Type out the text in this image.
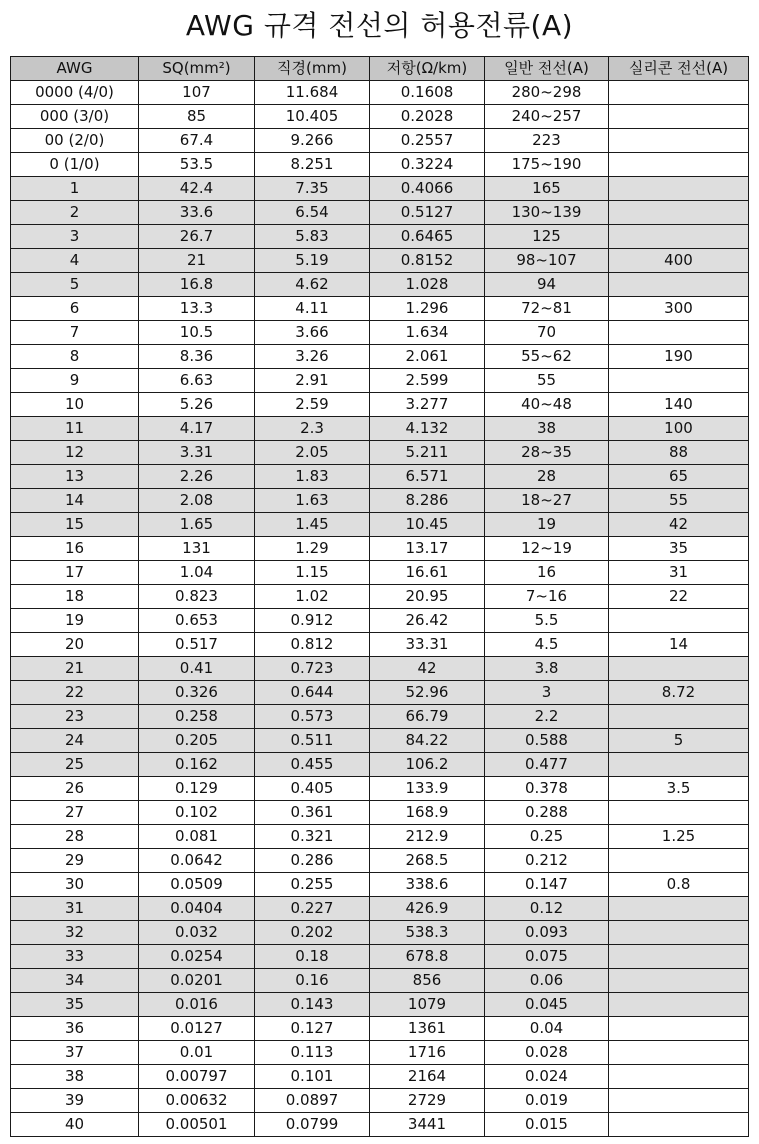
AWG 규격 전선의 허용전류(A)
AWG	SQ(mm²)	직경(mm)	저항(Ω/km)	일반 전선(A)	실리콘 전선(A)
0000 (4/0)	107	11.684	0.1608	280~298	
000 (3/0)	85	10.405	0.2028	240~257	
00 (2/0)	67.4	9.266	0.2557	223	
0 (1/0)	53.5	8.251	0.3224	175~190	
1	42.4	7.35	0.4066	165	
2	33.6	6.54	0.5127	130~139	
3	26.7	5.83	0.6465	125	
4	21	5.19	0.8152	98~107	400
5	16.8	4.62	1.028	94	
6	13.3	4.11	1.296	72~81	300
7	10.5	3.66	1.634	70	
8	8.36	3.26	2.061	55~62	190
9	6.63	2.91	2.599	55	
10	5.26	2.59	3.277	40~48	140
11	4.17	2.3	4.132	38	100
12	3.31	2.05	5.211	28~35	88
13	2.26	1.83	6.571	28	65
14	2.08	1.63	8.286	18~27	55
15	1.65	1.45	10.45	19	42
16	131	1.29	13.17	12~19	35
17	1.04	1.15	16.61	16	31
18	0.823	1.02	20.95	7~16	22
19	0.653	0.912	26.42	5.5	
20	0.517	0.812	33.31	4.5	14
21	0.41	0.723	42	3.8	
22	0.326	0.644	52.96	3	8.72
23	0.258	0.573	66.79	2.2	
24	0.205	0.511	84.22	0.588	5
25	0.162	0.455	106.2	0.477	
26	0.129	0.405	133.9	0.378	3.5
27	0.102	0.361	168.9	0.288	
28	0.081	0.321	212.9	0.25	1.25
29	0.0642	0.286	268.5	0.212	
30	0.0509	0.255	338.6	0.147	0.8
31	0.0404	0.227	426.9	0.12	
32	0.032	0.202	538.3	0.093	
33	0.0254	0.18	678.8	0.075	
34	0.0201	0.16	856	0.06	
35	0.016	0.143	1079	0.045	
36	0.0127	0.127	1361	0.04	
37	0.01	0.113	1716	0.028	
38	0.00797	0.101	2164	0.024	
39	0.00632	0.0897	2729	0.019	
40	0.00501	0.0799	3441	0.015	
